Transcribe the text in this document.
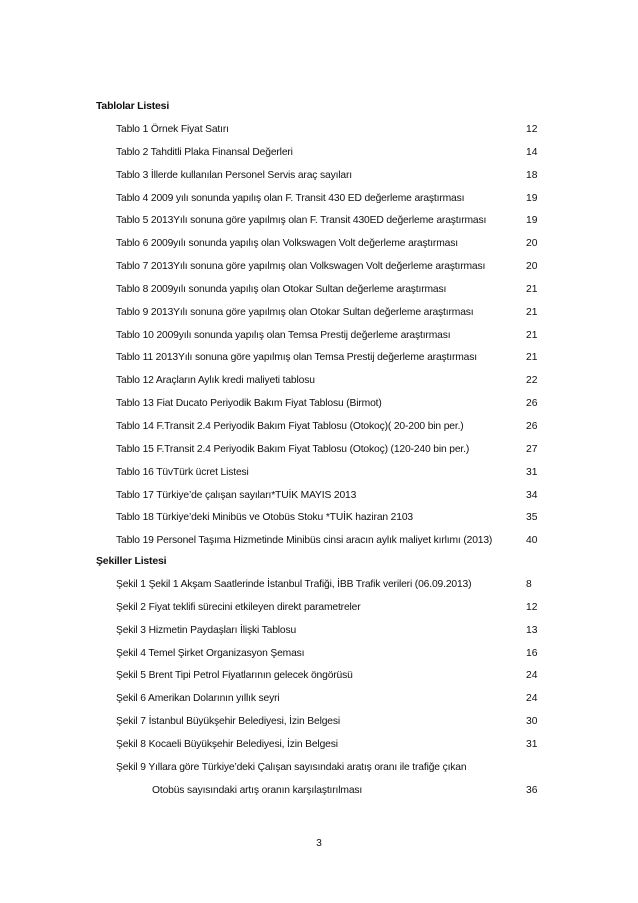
Tablolar Listesi
Tablo 1 Örnek Fiyat Satırı	12
Tablo 2 Tahditli Plaka Finansal Değerleri	14
Tablo 3 İllerde kullanılan Personel Servis araç sayıları	18
Tablo 4 2009 yılı sonunda yapılış olan F. Transit 430 ED değerleme araştırması	19
Tablo 5 2013Yılı sonuna göre yapılmış olan F. Transit 430ED değerleme araştırması	19
Tablo 6 2009yılı sonunda yapılış olan Volkswagen Volt değerleme araştırması	20
Tablo 7 2013Yılı sonuna göre yapılmış olan Volkswagen Volt değerleme araştırması	20
Tablo 8 2009yılı sonunda yapılış olan Otokar Sultan değerleme araştırması	21
Tablo 9 2013Yılı sonuna göre yapılmış olan Otokar Sultan değerleme araştırması	21
Tablo 10 2009yılı sonunda yapılış olan Temsa Prestij değerleme araştırması	21
Tablo 11 2013Yılı sonuna göre yapılmış olan Temsa Prestij değerleme araştırması	21
Tablo 12 Araçların Aylık kredi maliyeti tablosu	22
Tablo 13 Fiat Ducato Periyodik Bakım Fiyat Tablosu (Birmot)	26
Tablo 14 F.Transit 2.4 Periyodik Bakım Fiyat Tablosu (Otokoç)( 20-200 bin per.)	26
Tablo 15 F.Transit 2.4 Periyodik Bakım Fiyat Tablosu (Otokoç) (120-240 bin per.)	27
Tablo 16 TüvTürk ücret Listesi	31
Tablo 17 Türkiye’de çalışan sayıları*TUİK MAYIS 2013	34
Tablo 18 Türkiye’deki Minibüs ve Otobüs Stoku *TUİK haziran 2103	35
Tablo 19 Personel Taşıma Hizmetinde Minibüs cinsi aracın aylık maliyet kırlımı (2013)	40
Şekiller Listesi
Şekil 1 Şekil 1 Akşam Saatlerinde İstanbul Trafiği, İBB Trafik verileri (06.09.2013)	8
Şekil 2 Fiyat teklifi sürecini etkileyen direkt parametreler	12
Şekil 3 Hizmetin Paydaşları İlişki Tablosu	13
Şekil 4 Temel Şirket Organizasyon Şeması	16
Şekil 5 Brent Tipi Petrol Fiyatlarının gelecek öngörüsü	24
Şekil 6 Amerikan Dolarının yıllık seyri	24
Şekil 7 İstanbul Büyükşehir Belediyesi, İzin Belgesi	30
Şekil 8 Kocaeli Büyükşehir Belediyesi, İzin Belgesi	31
Şekil 9 Yıllara göre Türkiye’deki Çalışan sayısındaki aratış oranı ile trafiğe çıkan
Otobüs sayısındaki artış oranın karşılaştırılması	36
3
